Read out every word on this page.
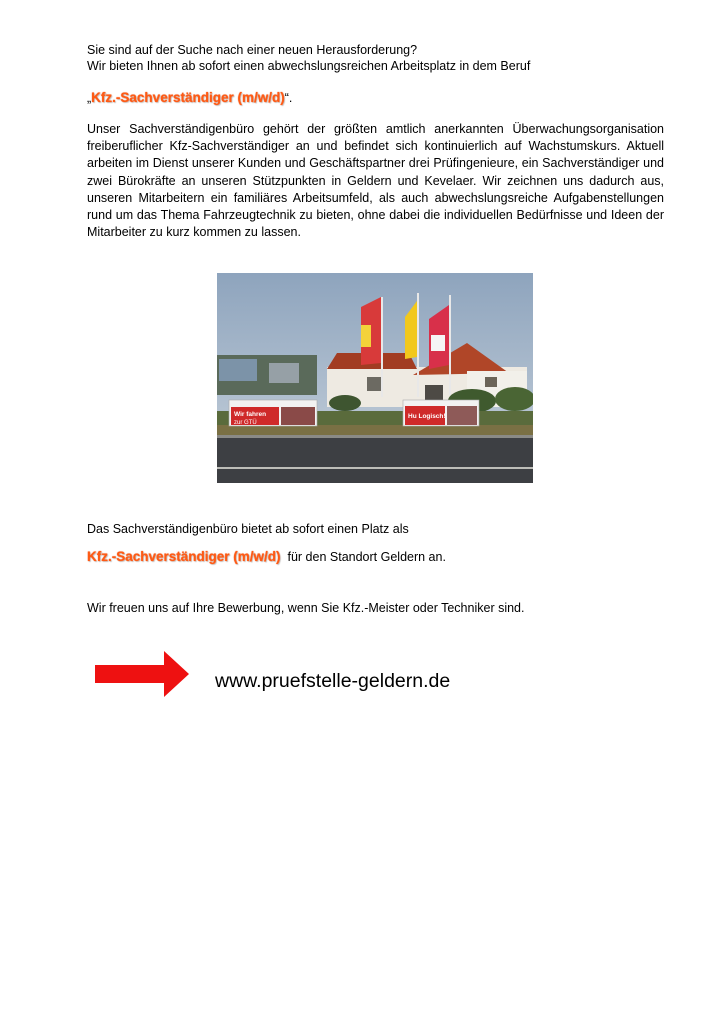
Sie sind auf der Suche nach einer neuen Herausforderung?
Wir bieten Ihnen ab sofort einen abwechslungsreichen Arbeitsplatz in dem Beruf
„Kfz.-Sachverständiger (m/w/d)“.
Unser Sachverständigenbüro gehört der größten amtlich anerkannten Überwachungsorganisation freiberuflicher Kfz-Sachverständiger an und befindet sich kontinuierlich auf Wachstumskurs. Aktuell arbeiten im Dienst unserer Kunden und Geschäftspartner drei Prüfingenieure, ein Sachverständiger und zwei Bürokräfte an unseren Stützpunkten in Geldern und Kevelaer. Wir zeichnen uns dadurch aus, unseren Mitarbeitern ein familiäres Arbeitsumfeld, als auch abwechslungsreiche Aufgabenstellungen rund um das Thema Fahrzeugtechnik zu bieten, ohne dabei die individuellen Bedürfnisse und Ideen der Mitarbeiter zu kurz kommen zu lassen.
Wir fahren
zur GTÜ
Hu Logisch!
Das Sachverständigenbüro bietet ab sofort einen Platz als
Kfz.-Sachverständiger (m/w/d) für den Standort Geldern an.
Wir freuen uns auf Ihre Bewerbung, wenn Sie Kfz.-Meister oder Techniker sind.
www.pruefstelle-geldern.de
